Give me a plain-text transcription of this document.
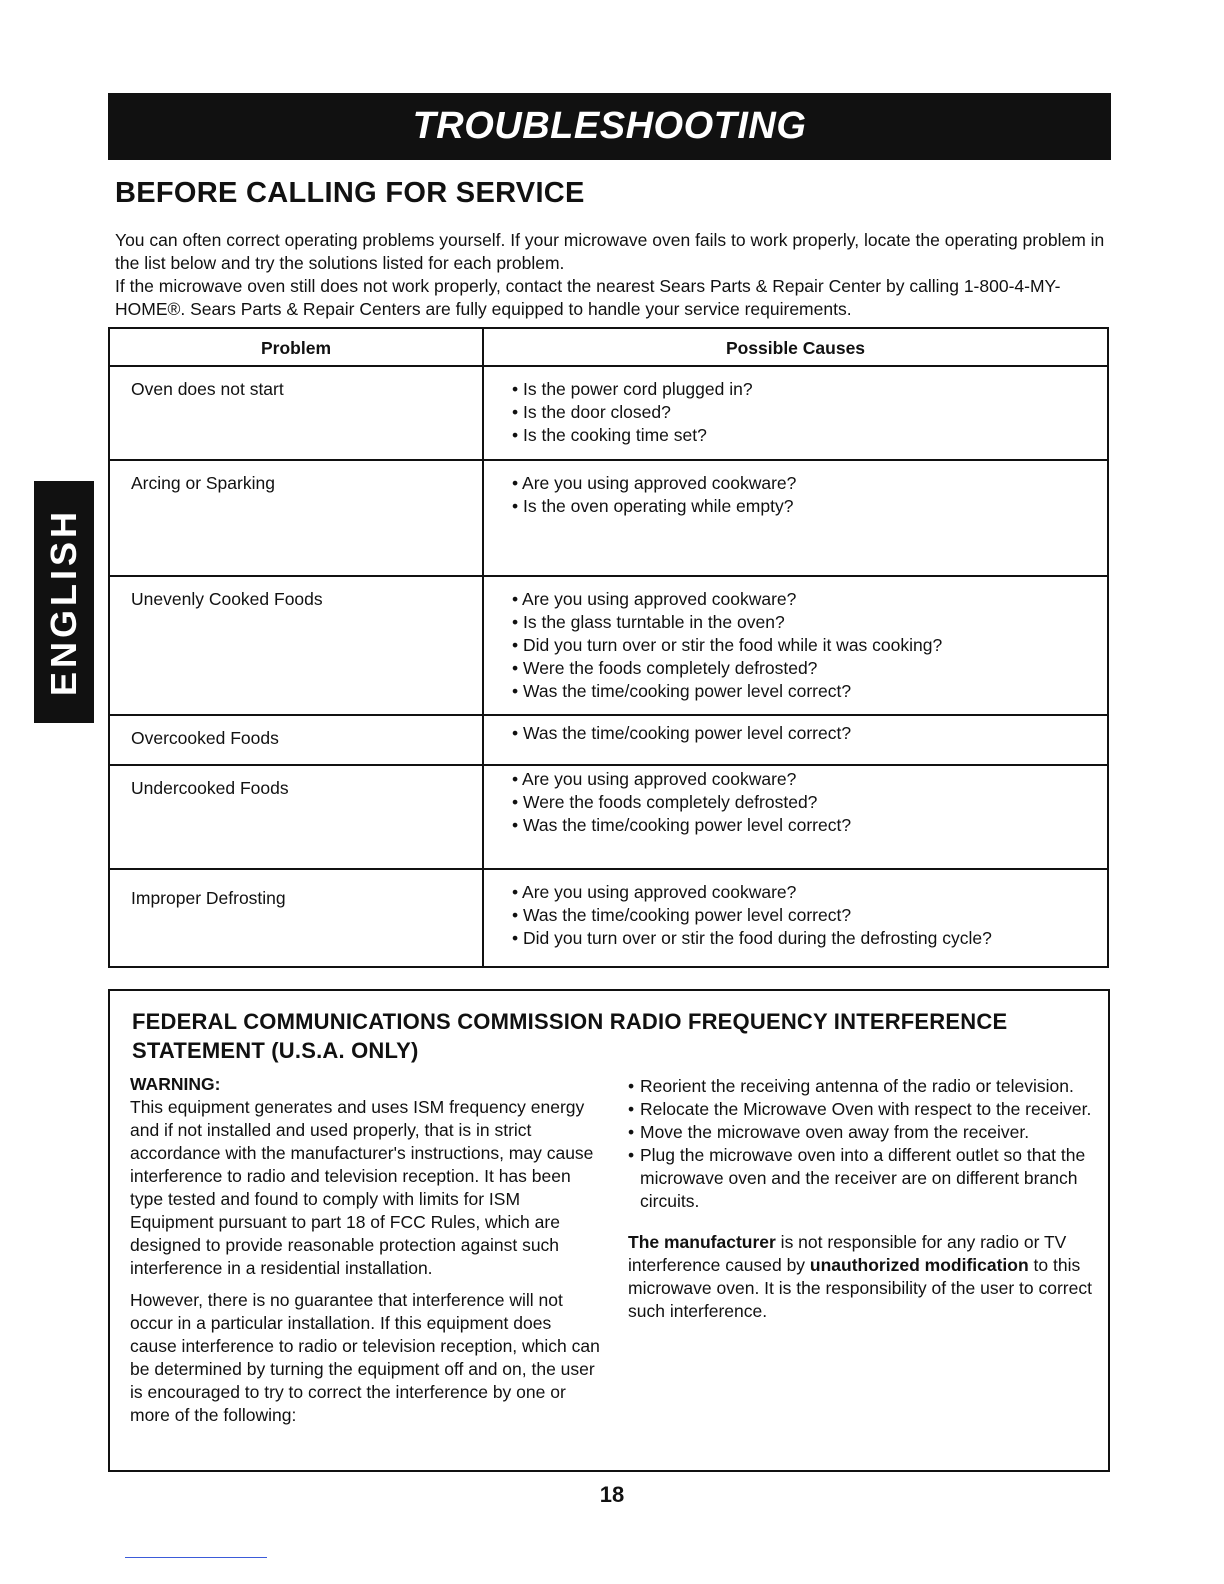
TROUBLESHOOTING
BEFORE CALLING FOR SERVICE

You can often correct operating problems yourself. If your microwave oven fails to work properly, locate the operating problem in the list below and try the solutions listed for each problem.

If the microwave oven still does not work properly, contact the nearest Sears Parts & Repair Center by calling 1-800-4-MY-HOME®. Sears Parts & Repair Centers are fully equipped to handle your service requirements.

ENGLISH
Problem	Possible Causes
Oven does not start	• Is the power cord plugged in?
• Is the door closed?
• Is the cooking time set?

Arcing or Sparking	• Are you using approved cookware?
• Is the oven operating while empty?

Unevenly Cooked Foods	• Are you using approved cookware?
• Is the glass turntable in the oven?
• Did you turn over or stir the food while it was cooking?
• Were the foods completely defrosted?
• Was the time/cooking power level correct?

Overcooked Foods	• Was the time/cooking power level correct?

Undercooked Foods	• Are you using approved cookware?
• Were the foods completely defrosted?
• Was the time/cooking power level correct?

Improper Defrosting	• Are you using approved cookware?
• Was the time/cooking power level correct?
• Did you turn over or stir the food during the defrosting cycle?
FEDERAL COMMUNICATIONS COMMISSION RADIO FREQUENCY INTERFERENCE STATEMENT (U.S.A. ONLY)

WARNING:

This equipment generates and uses ISM frequency energy and if not installed and used properly, that is in strict accordance with the manufacturer's instructions, may cause interference to radio and television reception. It has been type tested and found to comply with limits for ISM Equipment pursuant to part 18 of FCC Rules, which are designed to provide reasonable protection against such interference in a residential installation.

However, there is no guarantee that interference will not occur in a particular installation. If this equipment does cause interference to radio or television reception, which can be determined by turning the equipment off and on, the user is encouraged to try to correct the interference by one or more of the following:

• Reorient the receiving antenna of the radio or television.
• Relocate the Microwave Oven with respect to the receiver.
• Move the microwave oven away from the receiver.
• Plug the microwave oven into a different outlet so that the microwave oven and the receiver are on different branch circuits.

The manufacturer is not responsible for any radio or TV interference caused by unauthorized modification to this microwave oven. It is the responsibility of the user to correct such interference.

18
